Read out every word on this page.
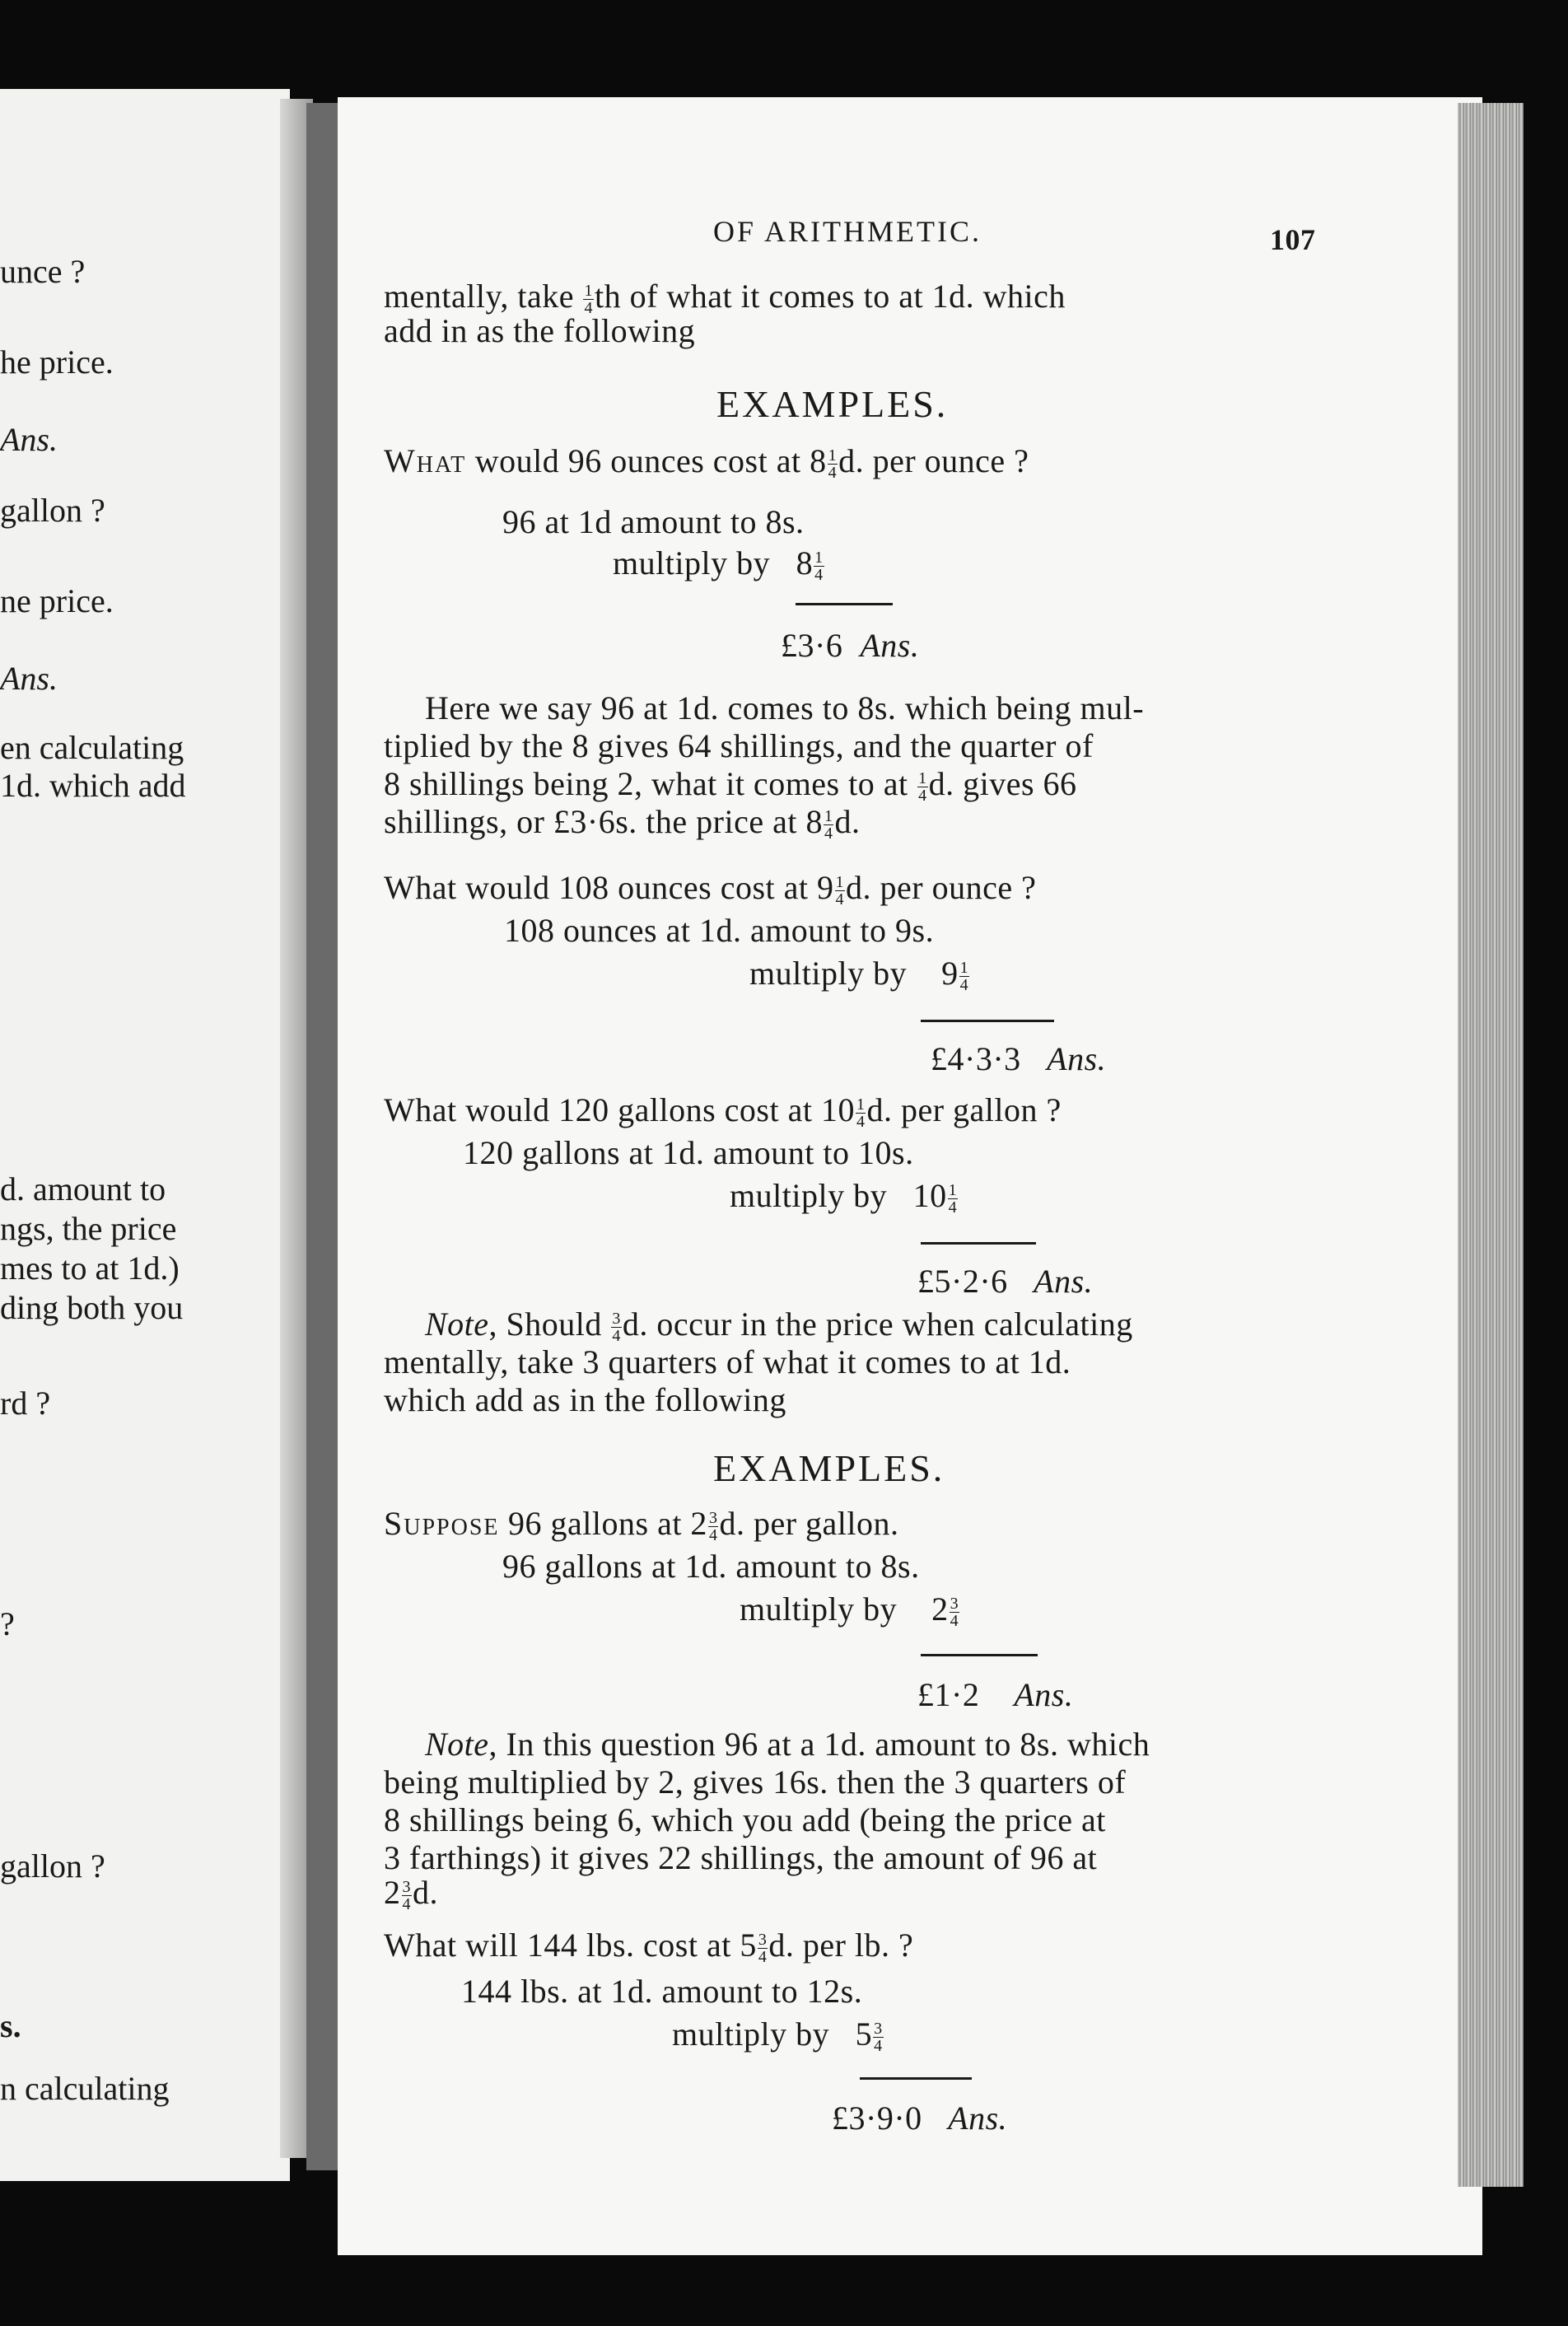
unce ?
he price.
Ans.
gallon ?
ne price.
Ans.
en calculating
1d. which add
d. amount to
ngs, the price
mes to at 1d.)
ding both you
rd ?
?
gallon ?
s.
n calculating
OF ARITHMETIC.	107
mentally, take $\frac{1}{4}$ th of what it comes to at 1d. which
add in as the following
EXAMPLES.
What would 96 ounces cost at $8 \frac{1}{4} d$. per ounce ?
96 at 1d amount to 8s.
multiply by $8 \frac{1}{4}$
£3·6 Ans.
Here we say 96 at 1d. comes to 8s. which being mul-
tiplied by the 8 gives 64 shillings, and the quarter of
8 shillings being 2, what it comes to at $\frac{1}{4} d$. gives 66
shillings, or £3·6s. the price at $8 \frac{1}{4} d$.
What would 108 ounces cost at $9 \frac{1}{4} d$. per ounce ?
108 ounces at 1d. amount to 9s.
multiply by $9 \frac{1}{4}$
£4·3·3 Ans.
What would 120 gallons cost at $10 \frac{1}{4} d$. per gallon ?
120 gallons at 1d. amount to 10s.
multiply by $10 \frac{1}{4}$
£5·2·6 Ans.
Note, Should $\frac{3}{4} d$. occur in the price when calculating
mentally, take 3 quarters of what it comes to at 1d.
which add as in the following
EXAMPLES.
Suppose 96 gallons at $2 \frac{3}{4} d$. per gallon.
96 gallons at 1d. amount to 8s.
multiply by $2 \frac{3}{4}$
£1·2 Ans.
Note, In this question 96 at a 1d. amount to 8s. which
being multiplied by 2, gives 16s. then the 3 quarters of
8 shillings being 6, which you add (being the price at
3 farthings) it gives 22 shillings, the amount of 96 at
$2 \frac{3}{4} d$.
What will 144 lbs. cost at $5 \frac{3}{4} d$. per lb. ?
144 lbs. at 1d. amount to 12s.
multiply by $5 \frac{3}{4}$
£3·9·0 Ans.
